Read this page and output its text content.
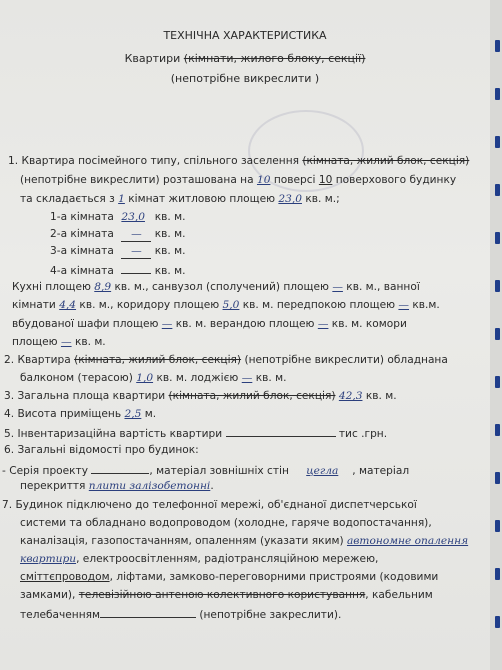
ТЕХНІЧНА ХАРАКТЕРИСТИКА
Квартири (кімнати, жилого блоку, секції)
(непотрібне викреслити )
1. Квартира посімейного типу, спільного заселення (кімната, жилий блок, секція)
(непотрібне викреслити) розташована на 10 поверсі 10 поверхового будинку
та складається з 1 кімнат житловою площею 23,0 кв. м.;
1-а кімната 23,0 кв. м.
2-а кімната — кв. м.
3-а кімната — кв. м.
4-а кімната	кв. м.
Кухні площею 8,9 кв. м., санвузол (сполучений) площею — кв. м., ванної
кімнати 4,4 кв. м., коридору площею 5,0 кв. м. передпокою площею — кв.м.
вбудованої шафи площею — кв. м. верандою площею — кв. м. комори
площею — кв. м.
2. Квартира (кімната, жилий блок, секція) (непотрібне викреслити) обладнана
балконом (терасою) 1,0 кв. м. лоджією — кв. м.
3. Загальна площа квартири (кімната, жилий блок, секція) 42,3 кв. м.
4. Висота приміщень 2,5 м.
5. Інвентаризаційна вартість квартири	тис .грн.
6. Загальні відомості про будинок:
- Серія проекту	, матеріал зовнішніх стін цегла , матеріал
перекриття плити залізобетонні.
7. Будинок підключено до телефонної мережі, об'єднаної диспетчерської
системи та обладнано водопроводом (холодне, гаряче водопостачання),
каналізація, газопостачанням, опаленням (указати яким) автономне опалення
квартири, електроосвітленням, радіотрансляційною мережею,
сміттєпроводом, ліфтами, замково-переговорними пристроями (кодовими
замками), телевізійною антеною колективного користування, кабельним
телебаченням	(непотрібне закреслити).
